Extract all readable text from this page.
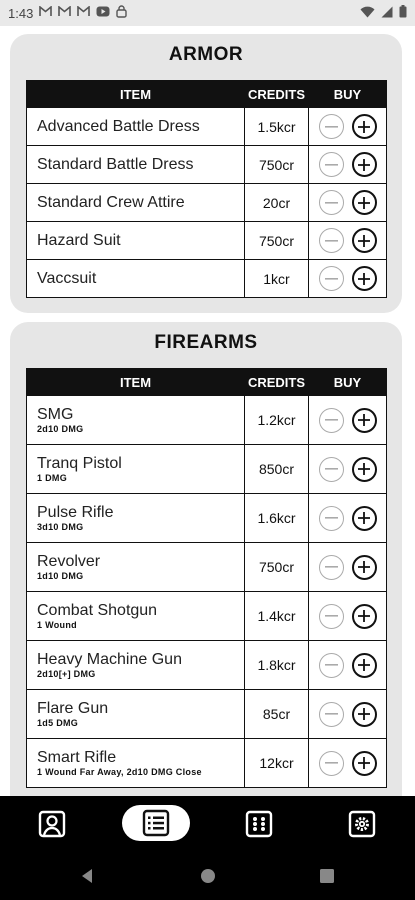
1:43
ARMOR
ITEM	CREDITS	BUY

Advanced Battle Dress	1.5kcr	

Standard Battle Dress	750cr	

Standard Crew Attire	20cr	

Hazard Suit	750cr	

Vaccsuit	1kcr	
FIREARMS
ITEM	CREDITS	BUY

SMG
2d10 DMG	1.2kcr	

Tranq Pistol
1 DMG	850cr	

Pulse Rifle
3d10 DMG	1.6kcr	

Revolver
1d10 DMG	750cr	

Combat Shotgun
1 Wound	1.4kcr	

Heavy Machine Gun
2d10[+] DMG	1.8kcr	

Flare Gun
1d5 DMG	85cr	

Smart Rifle
1 Wound Far Away, 2d10 DMG Close	12kcr	
